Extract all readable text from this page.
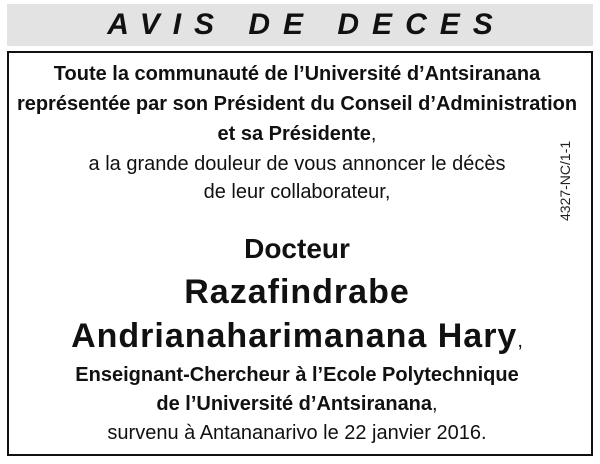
AVIS DE DECES
Toute la communauté de l’Université d’Antsiranana
représentée par son Président du Conseil d’Administration
et sa Présidente,
a la grande douleur de vous annoncer le décès
de leur collaborateur,
Docteur
Razafindrabe
Andrianaharimanana Hary,
Enseignant-Chercheur à l’Ecole Polytechnique
de l’Université d’Antsiranana,
survenu à Antananarivo le 22 janvier 2016.
4327-NC/1-1
